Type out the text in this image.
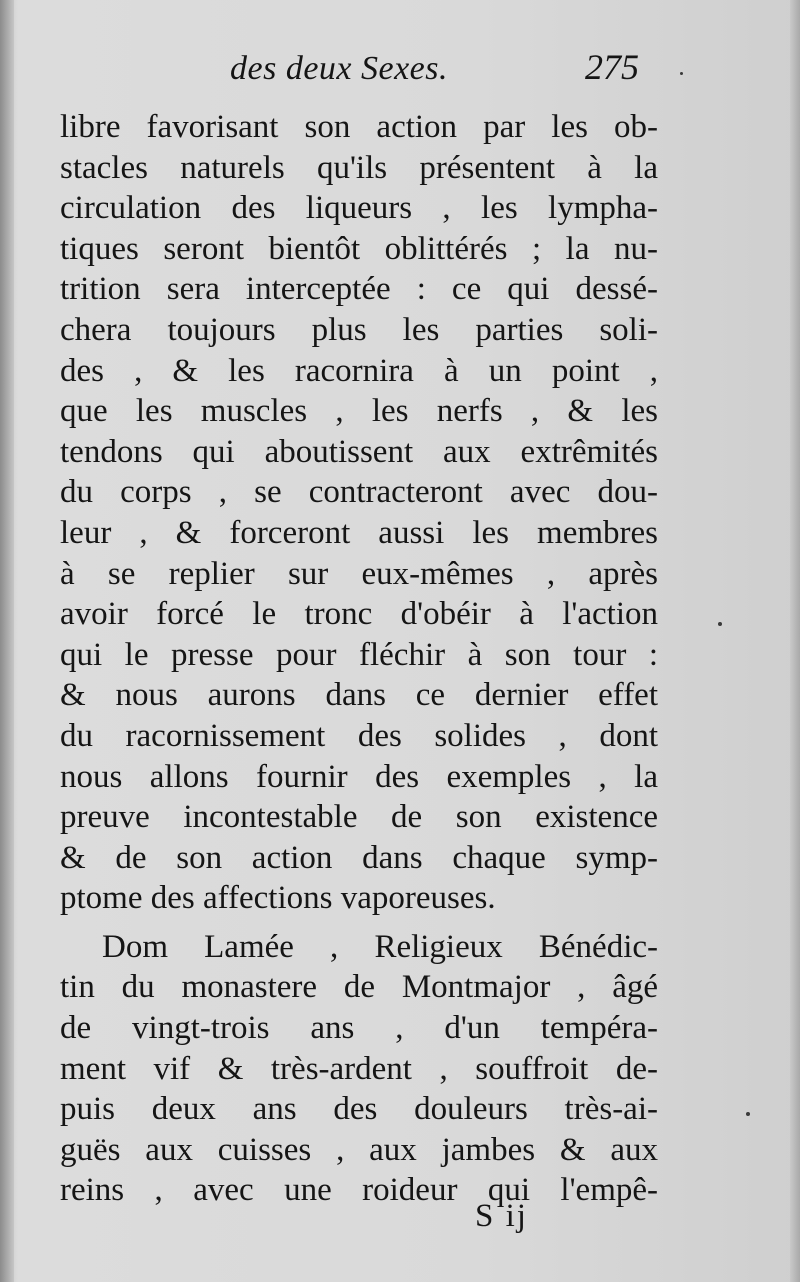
des deux Sexes.	275
libre favorisant son action par les ob-
stacles naturels qu'ils présentent à la
circulation des liqueurs , les lympha-
tiques seront bientôt oblittérés ; la nu-
trition sera interceptée : ce qui dessé-
chera toujours plus les parties soli-
des , & les racornira à un point ,
que les muscles , les nerfs , & les
tendons qui aboutissent aux extrêmités
du corps , se contracteront avec dou-
leur , & forceront aussi les membres
à se replier sur eux-mêmes , après
avoir forcé le tronc d'obéir à l'action
qui le presse pour fléchir à son tour :
& nous aurons dans ce dernier effet
du racornissement des solides , dont
nous allons fournir des exemples , la
preuve incontestable de son existence
& de son action dans chaque symp-
ptome des affections vaporeuses.
Dom Lamée , Religieux Bénédic-
tin du monastere de Montmajor , âgé
de vingt-trois ans , d'un tempéra-
ment vif & très-ardent , souffroit de-
puis deux ans des douleurs très-ai-
guës aux cuisses , aux jambes & aux
reins , avec une roideur qui l'empê-
S ij
